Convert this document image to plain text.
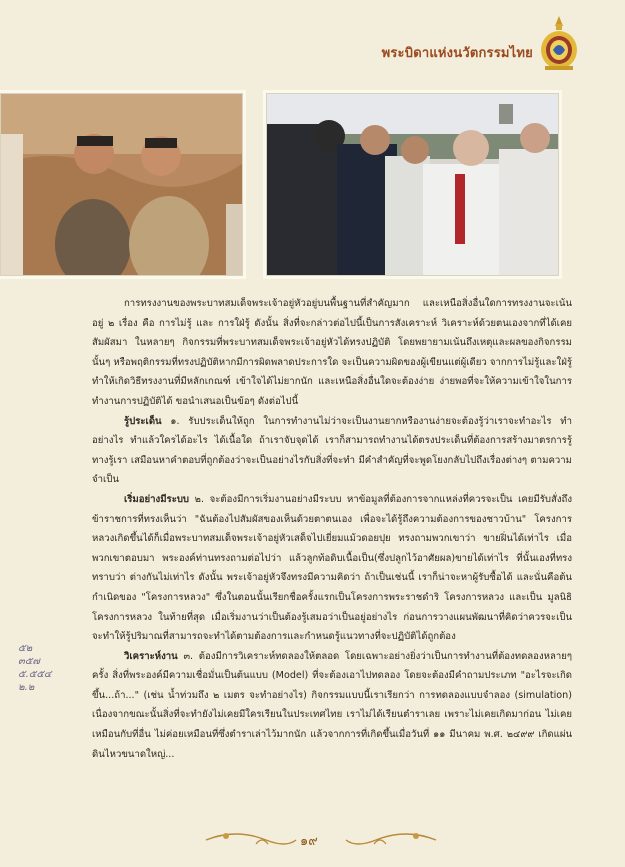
พระบิดาแห่งนวัตกรรมไทย

การทรงงานของพระบาทสมเด็จพระเจ้าอยู่หัวอยู่บนพื้นฐานที่สำคัญมาก และเหนือสิ่งอื่นใดการทรงงานจะเน้นอยู่ ๒ เรื่อง คือ การไม่รู้ และ การใฝ่รู้ ดังนั้น สิ่งที่จะกล่าวต่อไปนี้เป็นการสังเคราะห์ วิเคราะห์ด้วยตนเองจากที่ได้เคยสัมผัสมา ในหลายๆ กิจกรรมที่พระบาทสมเด็จพระเจ้าอยู่หัวได้ทรงปฏิบัติ โดยพยายามเน้นถึงเหตุและผลของกิจกรรมนั้นๆ หรือพฤติกรรมที่ทรงปฏิบัติหากมีการผิดพลาดประการใด จะเป็นความผิดของผู้เขียนแต่ผู้เดียว จากการไม่รู้และใฝ่รู้ทำให้เกิดวิธีทรงงานที่มีหลักเกณฑ์ เข้าใจได้ไม่ยากนัก และเหนือสิ่งอื่นใดจะต้องง่าย ง่ายพอที่จะให้ความเข้าใจในการทำงานการปฏิบัติได้ ขอนำเสนอเป็นข้อๆ ดังต่อไปนี้

รู้ประเด็น ๑. รับประเด็นให้ถูก ในการทำงานไม่ว่าจะเป็นงานยากหรืองานง่ายจะต้องรู้ว่าเราจะทำอะไร ทำอย่างไร ทำแล้วใครได้อะไร ได้เนื้อใด ถ้าเราจับจุดได้ เราก็สามารถทำงานได้ตรงประเด็นที่ต้องการสร้างมาตรการรู้ทางรู้เรา เสมือนหาคำตอบที่ถูกต้องว่าจะเป็นอย่างไรกับสิ่งที่จะทำ มีคำสำคัญที่จะพูดโยงกลับไปถึงเรื่องต่างๆ ตามความจำเป็น

เริ่มอย่างมีระบบ ๒. จะต้องมีการเริ่มงานอย่างมีระบบ หาข้อมูลที่ต้องการจากแหล่งที่ควรจะเป็น เคยมีรับสั่งถึงข้าราชการที่ทรงเห็นว่า "ฉันต้องไปสัมผัสของเห็นด้วยตาตนเอง เพื่อจะได้รู้ถึงความต้องการของชาวบ้าน" โครงการหลวงเกิดขึ้นได้ก็เมื่อพระบาทสมเด็จพระเจ้าอยู่หัวเสด็จไปเยี่ยมแม้วดอยปุย ทรงถามพวกเขาว่า ขายฝิ่นได้เท่าไร เมื่อพวกเขาตอบมา พระองค์ท่านทรงถามต่อไปว่า แล้วลูกท้อดิบเนื้อเป็น(ซึ่งปลูกไว้อาศัยผล)ขายได้เท่าไร ที่นั้นเองที่ทรงทราบว่า ต่างกันไม่เท่าไร ดังนั้น พระเจ้าอยู่หัวจึงทรงมีความคิดว่า ถ้าเป็นเช่นนี้ เราก็น่าจะหาผู้รับซื้อได้ และนั่นคือต้นกำเนิดของ "โครงการหลวง" ซึ่งในตอนนั้นเรียกชื่อครั้งแรกเป็นโครงการพระราชดำริ โครงการหลวง และเป็น มูลนิธิโครงการหลวง ในท้ายที่สุด เมื่อเริ่มงานว่าเป็นต้องรู้เสมอว่าเป็นอยู่อย่างไร ก่อนการวางแผนพัฒนาที่คิดว่าควรจะเป็น จะทำให้รู้ปริมาณที่สามารถจะทำได้ตามต้องการและกำหนดรู้แนวทางที่จะปฏิบัติได้ถูกต้อง

วิเคราะห์งาน ๓. ต้องมีการวิเคราะห์ทดลองให้ตลอด โดยเฉพาะอย่างยิ่งว่าเป็นการทำงานที่ต้องทดลองหลายๆ ครั้ง สิ่งที่พระองค์มีความเชื่อมั่นเป็นต้นแบบ (Model) ที่จะต้องเอาไปทดลอง โดยจะต้องมีคำถามประเภท "อะไรจะเกิดขึ้น...ถ้า..." (เช่น น้ำท่วมถึง ๒ เมตร จะทำอย่างไร) กิจกรรมแบบนี้เราเรียกว่า การทดลองแบบจำลอง (simulation) เนื่องจากขณะนั้นสิ่งที่จะทำยังไม่เคยมีใครเรียนในประเทศไทย เราไม่ได้เรียนตำราเลย เพราะไม่เคยเกิดมาก่อน ไม่เคยเหมือนกับที่อื่น ไม่ค่อยเหมือนที่ซึ่งตำราเล่าไว้มากนัก แล้วจากการที่เกิดขึ้นเมื่อวันที่ ๑๑ มีนาคม พ.ศ. ๒๔๙๙ เกิดแผ่นดินไหวขนาดใหญ่...

๕๒
๓๕๗
๕.๕๕๔
๒.๒
๑๙
